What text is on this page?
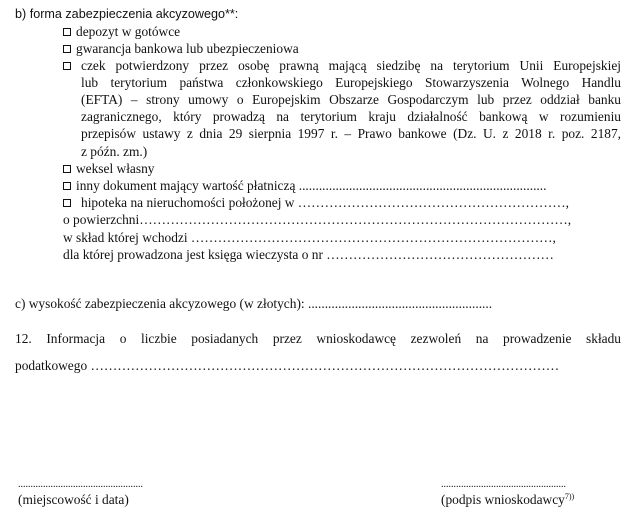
b) forma zabezpieczenia akcyzowego**:
depozyt w gotówce
gwarancja bankowa lub ubezpieczeniowa
czek potwierdzony przez osobę prawną mającą siedzibę na terytorium Unii Europejskiej
lub terytorium państwa członkowskiego Europejskiego Stowarzyszenia Wolnego Handlu
(EFTA) – strony umowy o Europejskim Obszarze Gospodarczym lub przez oddział banku
zagranicznego, który prowadzą na terytorium kraju działalność bankową w rozumieniu
przepisów ustawy z dnia 29 sierpnia 1997 r. – Prawo bankowe (Dz. U. z 2018 r. poz. 2187,
z późn. zm.)
weksel własny
inny dokument mający wartość płatniczą ..........................................................................
hipoteka na nieruchomości położonej w ……………………………………………………,
o powierzchni……………………………………………………………………………………,
w skład której wchodzi ………………………………………………………………………,
dla której prowadzona jest księga wieczysta o nr ……………………………………………
c) wysokość zabezpieczenia akcyzowego (w złotych): .......................................................
12. Informacja o liczbie posiadanych przez wnioskodawcę zezwoleń na prowadzenie składu
podatkowego ……………………………………………………………………………………………
..................................................
(miejscowość i data)
..................................................
(podpis wnioskodawcy$^{7))}$
